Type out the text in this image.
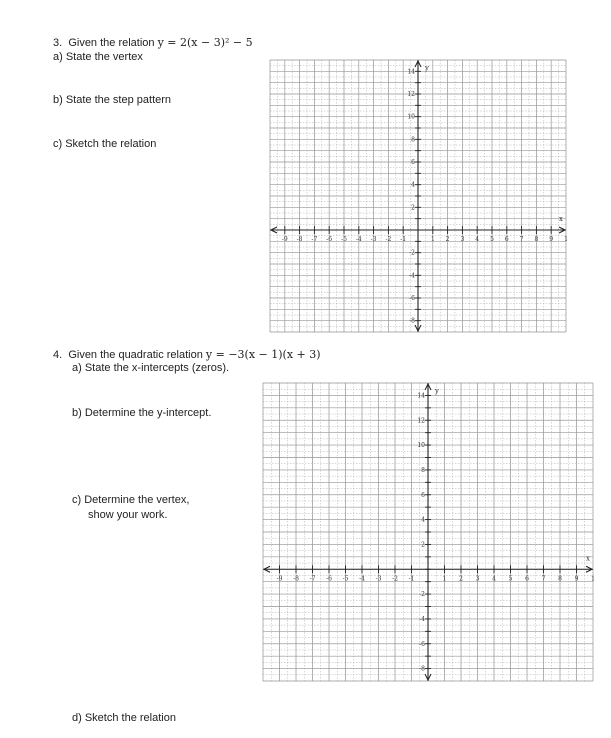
3. Given the relation y = 2(x − 3)² − 5
a) State the vertex
b) State the step pattern
c) Sketch the relation
-9 -8 -7 -6 -5 -4 -3 -2 -1	1 2 3 4 5 6 7 8 9 1
14
12
10
8
6
4
2
-2
-4
-6
-8
x
y
4. Given the quadratic relation y = −3(x − 1)(x + 3)
a) State the x-intercepts (zeros).
b) Determine the y-intercept.
c) Determine the vertex,
show your work.
d) Sketch the relation
-9 -8 -7 -6 -5 -4 -3 -2 -1	1 2 3 4 5 6 7 8 9 1
14
12
10
8
6
4
2
-2
-4
-6
-8
x
y
